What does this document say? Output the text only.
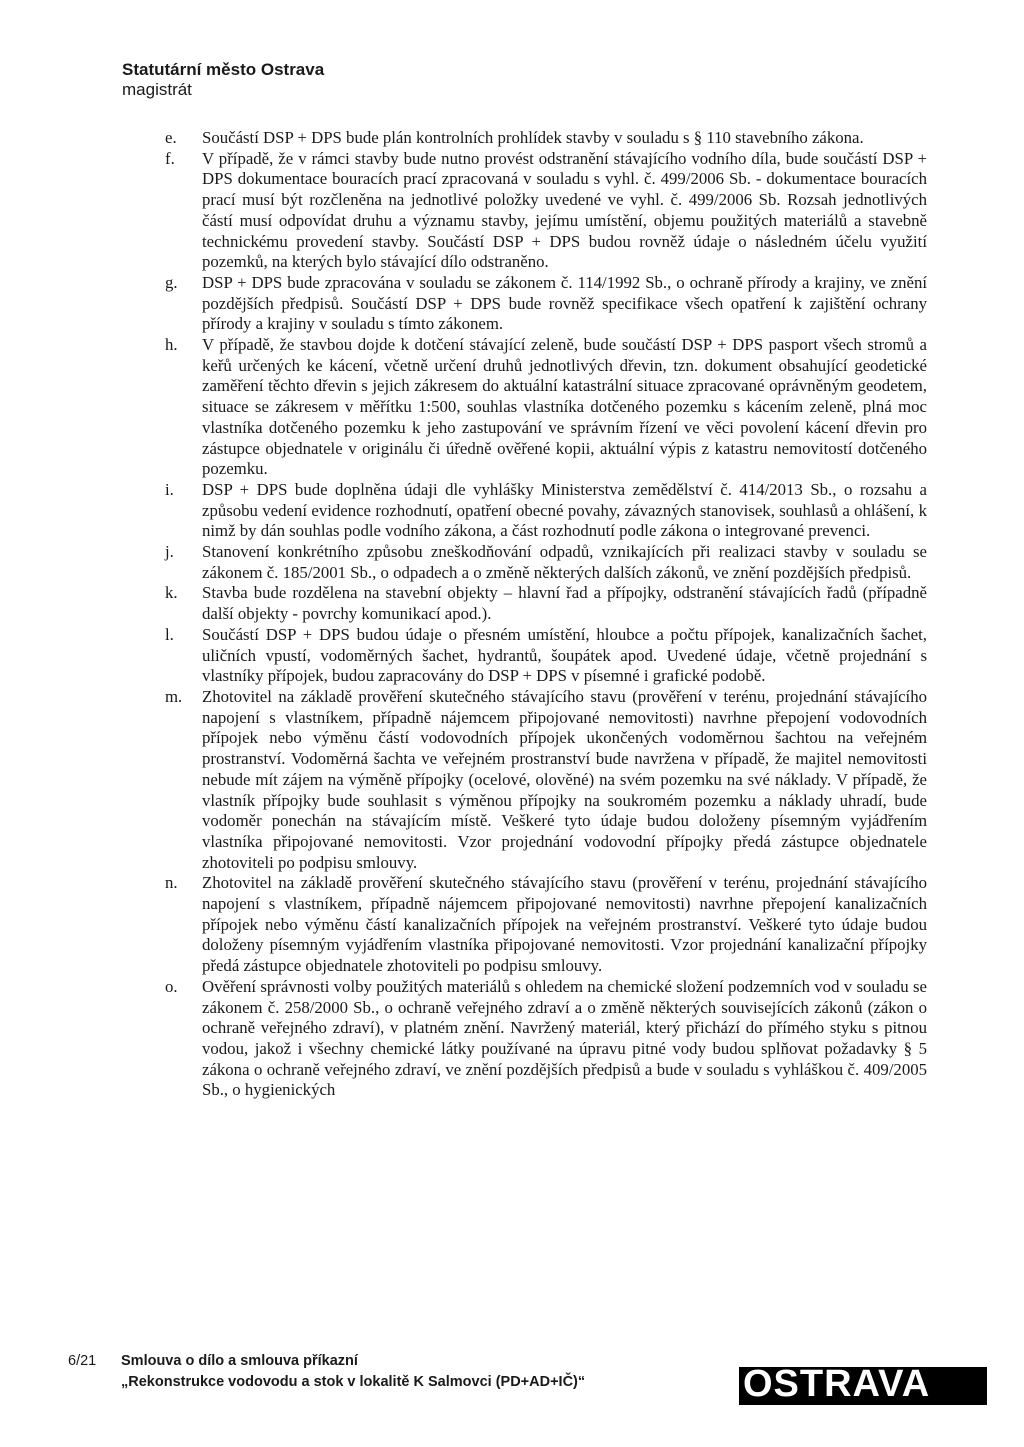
Statutární město Ostrava
magistrát
e.	Součástí DSP + DPS bude plán kontrolních prohlídek stavby v souladu s § 110 stavebního zákona.

f.	V případě, že v rámci stavby bude nutno provést odstranění stávajícího vodního díla, bude součástí DSP + DPS dokumentace bouracích prací zpracovaná v souladu s vyhl. č. 499/2006 Sb. - dokumentace bouracích prací musí být rozčleněna na jednotlivé položky uvedené ve vyhl. č. 499/2006 Sb. Rozsah jednotlivých částí musí odpovídat druhu a významu stavby, jejímu umístění, objemu použitých materiálů a stavebně technickému provedení stavby. Součástí DSP + DPS budou rovněž údaje o následném účelu využití pozemků, na kterých bylo stávající dílo odstraněno.

g.	DSP + DPS bude zpracována v souladu se zákonem č. 114/1992 Sb., o ochraně přírody a krajiny, ve znění pozdějších předpisů. Součástí DSP + DPS bude rovněž specifikace všech opatření k zajištění ochrany přírody a krajiny v souladu s tímto zákonem.

h.	V případě, že stavbou dojde k dotčení stávající zeleně, bude součástí DSP + DPS pasport všech stromů a keřů určených ke kácení, včetně určení druhů jednotlivých dřevin, tzn. dokument obsahující geodetické zaměření těchto dřevin s jejich zákresem do aktuální katastrální situace zpracované oprávněným geodetem, situace se zákresem v měřítku 1:500, souhlas vlastníka dotčeného pozemku s kácením zeleně, plná moc vlastníka dotčeného pozemku k jeho zastupování ve správním řízení ve věci povolení kácení dřevin pro zástupce objednatele v originálu či úředně ověřené kopii, aktuální výpis z katastru nemovitostí dotčeného pozemku.

i.	DSP + DPS bude doplněna údaji dle vyhlášky Ministerstva zemědělství č. 414/2013 Sb., o rozsahu a způsobu vedení evidence rozhodnutí, opatření obecné povahy, závazných stanovisek, souhlasů a ohlášení, k nimž by dán souhlas podle vodního zákona, a část rozhodnutí podle zákona o integrované prevenci.

j.	Stanovení konkrétního způsobu zneškodňování odpadů, vznikajících při realizaci stavby v souladu se zákonem č. 185/2001 Sb., o odpadech a o změně některých dalších zákonů, ve znění pozdějších předpisů.

k.	Stavba bude rozdělena na stavební objekty – hlavní řad a přípojky, odstranění stávajících řadů (případně další objekty - povrchy komunikací apod.).

l.	Součástí DSP + DPS budou údaje o přesném umístění, hloubce a počtu přípojek, kanalizačních šachet, uličních vpustí, vodoměrných šachet, hydrantů, šoupátek apod. Uvedené údaje, včetně projednání s vlastníky přípojek, budou zapracovány do DSP + DPS v písemné i grafické podobě.

m.	Zhotovitel na základě prověření skutečného stávajícího stavu (prověření v terénu, projednání stávajícího napojení s vlastníkem, případně nájemcem připojované nemovitosti) navrhne přepojení vodovodních přípojek nebo výměnu částí vodovodních přípojek ukončených vodoměrnou šachtou na veřejném prostranství. Vodoměrná šachta ve veřejném prostranství bude navržena v případě, že majitel nemovitosti nebude mít zájem na výměně přípojky (ocelové, olověné) na svém pozemku na své náklady. V případě, že vlastník přípojky bude souhlasit s výměnou přípojky na soukromém pozemku a náklady uhradí, bude vodoměr ponechán na stávajícím místě. Veškeré tyto údaje budou doloženy písemným vyjádřením vlastníka připojované nemovitosti. Vzor projednání vodovodní přípojky předá zástupce objednatele zhotoviteli po podpisu smlouvy.

n.	Zhotovitel na základě prověření skutečného stávajícího stavu (prověření v terénu, projednání stávajícího napojení s vlastníkem, případně nájemcem připojované nemovitosti) navrhne přepojení kanalizačních přípojek nebo výměnu částí kanalizačních přípojek na veřejném prostranství. Veškeré tyto údaje budou doloženy písemným vyjádřením vlastníka připojované nemovitosti. Vzor projednání kanalizační přípojky předá zástupce objednatele zhotoviteli po podpisu smlouvy.

o.	Ověření správnosti volby použitých materiálů s ohledem na chemické složení podzemních vod v souladu se zákonem č. 258/2000 Sb., o ochraně veřejného zdraví a o změně některých souvisejících zákonů (zákon o ochraně veřejného zdraví), v platném znění. Navržený materiál, který přichází do přímého styku s pitnou vodou, jakož i všechny chemické látky používané na úpravu pitné vody budou splňovat požadavky § 5 zákona o ochraně veřejného zdraví, ve znění pozdějších předpisů a bude v souladu s vyhláškou č. 409/2005 Sb., o hygienických

6/21 Smlouva o dílo a smlouva příkazní
„Rekonstrukce vodovodu a stok v lokalitě K Salmovci (PD+AD+IČ)“	OSTRAVA
